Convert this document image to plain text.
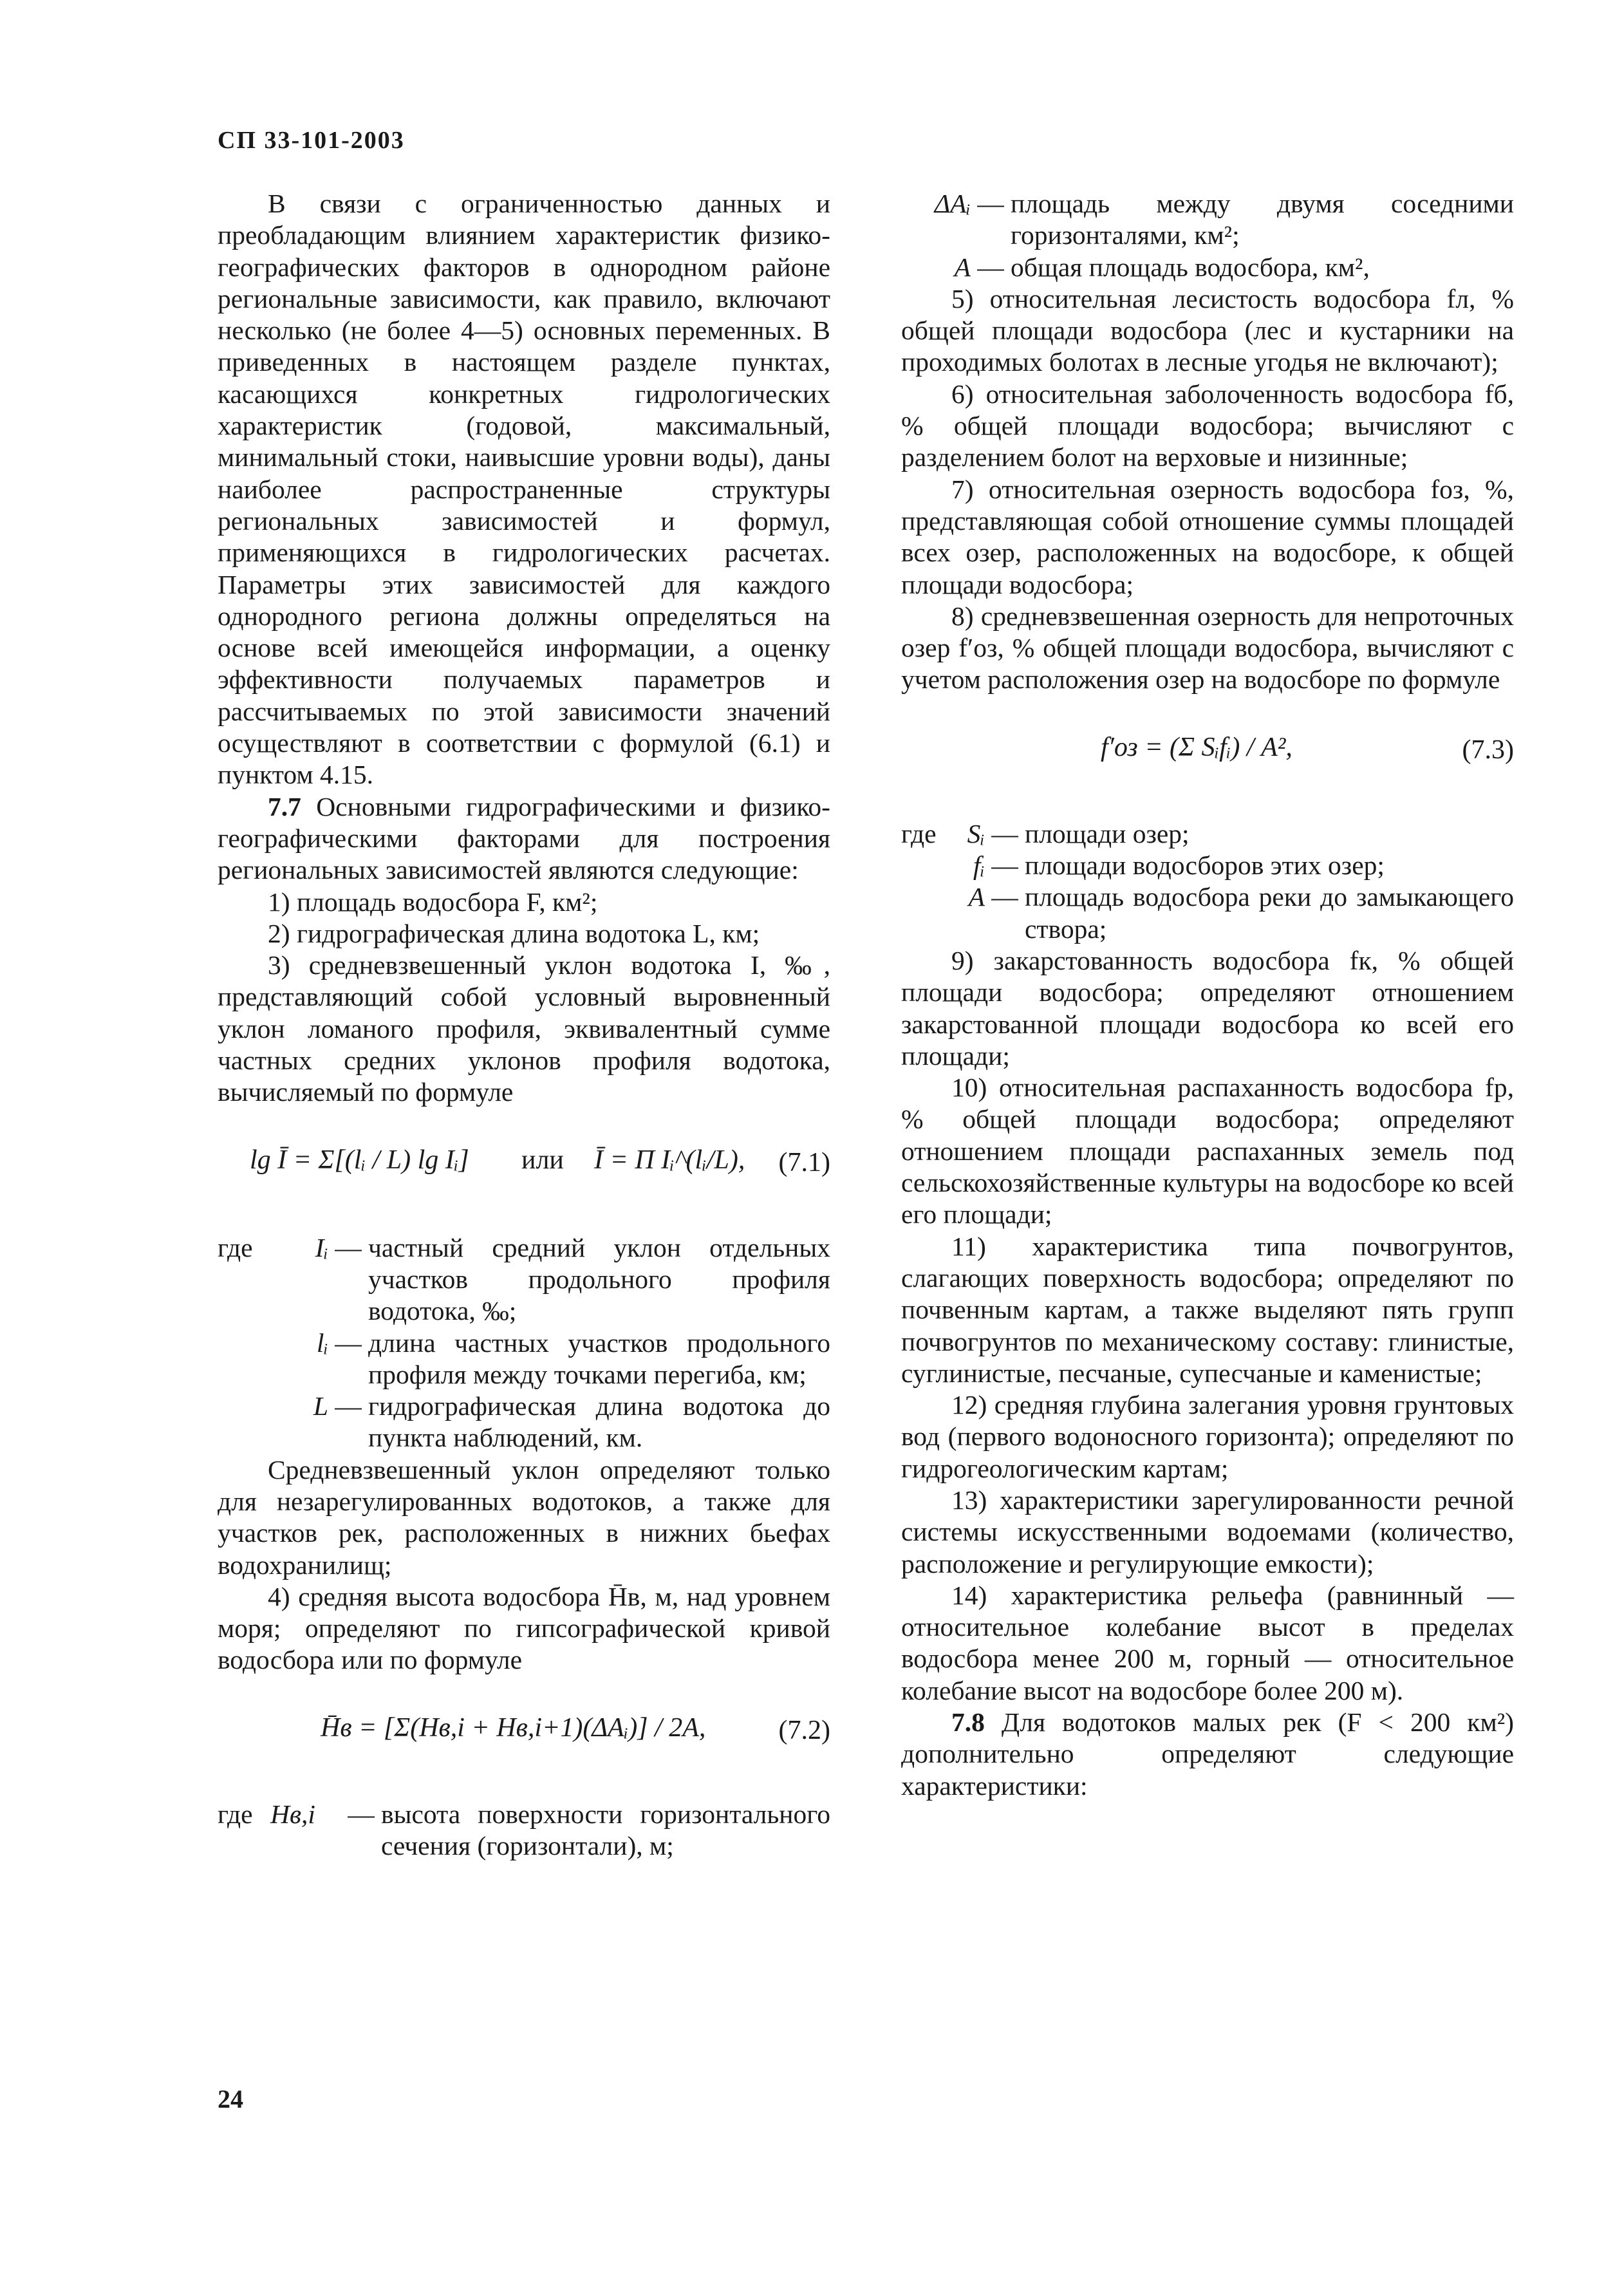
СП 33-101-2003

В связи с ограниченностью данных и преобладающим влиянием характеристик физико-географических факторов в однородном районе региональные зависимости, как правило, включают несколько (не более 4—5) основных переменных. В приведенных в настоящем разделе пунктах, касающихся конкретных гидрологических характеристик (годовой, максимальный, минимальный стоки, наивысшие уровни воды), даны наиболее распространенные структуры региональных зависимостей и формул, применяющихся в гидрологических расчетах. Параметры этих зависимостей для каждого однородного региона должны определяться на основе всей имеющейся информации, а оценку эффективности получаемых параметров и рассчитываемых по этой зависимости значений осуществляют в соответствии с формулой (6.1) и пунктом 4.15.

7.7 Основными гидрографическими и физико-географическими факторами для построения региональных зависимостей являются следующие:

1) площадь водосбора F, км²;

2) гидрографическая длина водотока L, км;

3) средневзвешенный уклон водотока I, ‰, представляющий собой условный выровненный уклон ломаного профиля, эквивалентный сумме частных средних уклонов профиля водотока, вычисляемый по формуле

lg Ī = Σ[(lᵢ / L) lg Iᵢ] или Ī = Π Iᵢ^(lᵢ/L), (7.1)
где	Iᵢ — частный средний уклон отдельных участков продольного профиля водотока, ‰;
lᵢ — длина частных участков продольного профиля между точками перегиба, км;
L — гидрографическая длина водотока до пункта наблюдений, км.

Средневзвешенный уклон определяют только для незарегулированных водотоков, а также для участков рек, расположенных в нижних бьефах водохранилищ;

4) средняя высота водосбора H̄в, м, над уровнем моря; определяют по гипсографической кривой водосбора или по формуле

H̄в = [Σ(Hв,i + Hв,i+1)(ΔAᵢ)] / 2A,	(7.2)
где Hв,i	— высота поверхности горизонтального сечения (горизонтали), м;
ΔAᵢ — площадь между двумя соседними горизонталями, км²;
A — общая площадь водосбора, км²,

5) относительная лесистость водосбора fл, % общей площади водосбора (лес и кустарники на проходимых болотах в лесные угодья не включают);

6) относительная заболоченность водосбора fб, % общей площади водосбора; вычисляют с разделением болот на верховые и низинные;

7) относительная озерность водосбора fоз, %, представляющая собой отношение суммы площадей всех озер, расположенных на водосборе, к общей площади водосбора;

8) средневзвешенная озерность для непроточных озер f′оз, % общей площади водосбора, вычисляют с учетом расположения озер на водосборе по формуле

f′оз = (Σ Sᵢfᵢ) / A²,	(7.3)
где	Sᵢ — площади озер;
fᵢ — площади водосборов этих озер;
A — площадь водосбора реки до замыкающего створа;

9) закарстованность водосбора fк, % общей площади водосбора; определяют отношением закарстованной площади водосбора ко всей его площади;

10) относительная распаханность водосбора fр, % общей площади водосбора; определяют отношением площади распаханных земель под сельскохозяйственные культуры на водосборе ко всей его площади;

11) характеристика типа почвогрунтов, слагающих поверхность водосбора; определяют по почвенным картам, а также выделяют пять групп почвогрунтов по механическому составу: глинистые, суглинистые, песчаные, супесчаные и каменистые;

12) средняя глубина залегания уровня грунтовых вод (первого водоносного горизонта); определяют по гидрогеологическим картам;

13) характеристики зарегулированности речной системы искусственными водоемами (количество, расположение и регулирующие емкости);

14) характеристика рельефа (равнинный — относительное колебание высот в пределах водосбора менее 200 м, горный — относительное колебание высот на водосборе более 200 м).

7.8 Для водотоков малых рек (F < 200 км²) дополнительно определяют следующие характеристики:

24
